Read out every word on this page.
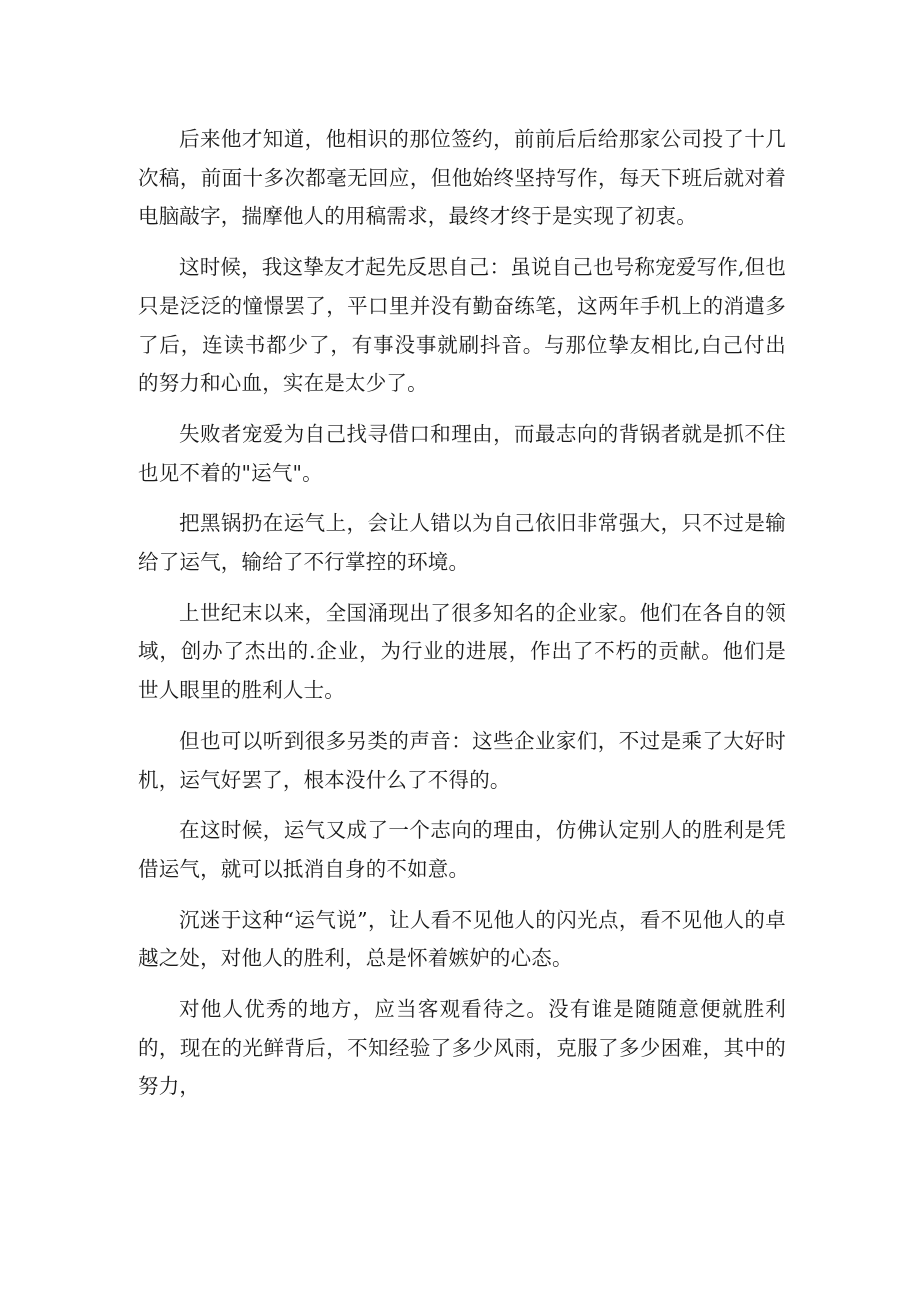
后来他才知道，他相识的那位签约，前前后后给那家公司投了十几次稿，前面十多次都毫无回应，但他始终坚持写作，每天下班后就对着电脑敲字，揣摩他人的用稿需求，最终才终于是实现了初衷。

这时候，我这挚友才起先反思自己：虽说自己也号称宠爱写作,但也只是泛泛的憧憬罢了，平口里并没有勤奋练笔，这两年手机上的消遣多了后，连读书都少了，有事没事就刷抖音。与那位挚友相比,白己付出的努力和心血，实在是太少了。

失败者宠爱为自己找寻借口和理由，而最志向的背锅者就是抓不住也见不着的"运气"。

把黑锅扔在运气上，会让人错以为自己依旧非常强大，只不过是输给了运气，输给了不行掌控的环境。

上世纪末以来，全国涌现出了很多知名的企业家。他们在各自的领域，创办了杰出的.企业，为行业的进展，作出了不朽的贡献。他们是世人眼里的胜利人士。

但也可以听到很多另类的声音：这些企业家们，不过是乘了大好时机，运气好罢了，根本没什么了不得的。

在这时候，运气又成了一个志向的理由，仿佛认定别人的胜利是凭借运气，就可以抵消自身的不如意。

沉迷于这种“运气说”，让人看不见他人的闪光点，看不见他人的卓越之处，对他人的胜利，总是怀着嫉妒的心态。

对他人优秀的地方，应当客观看待之。没有谁是随随意便就胜利的，现在的光鲜背后，不知经验了多少风雨，克服了多少困难，其中的努力，
